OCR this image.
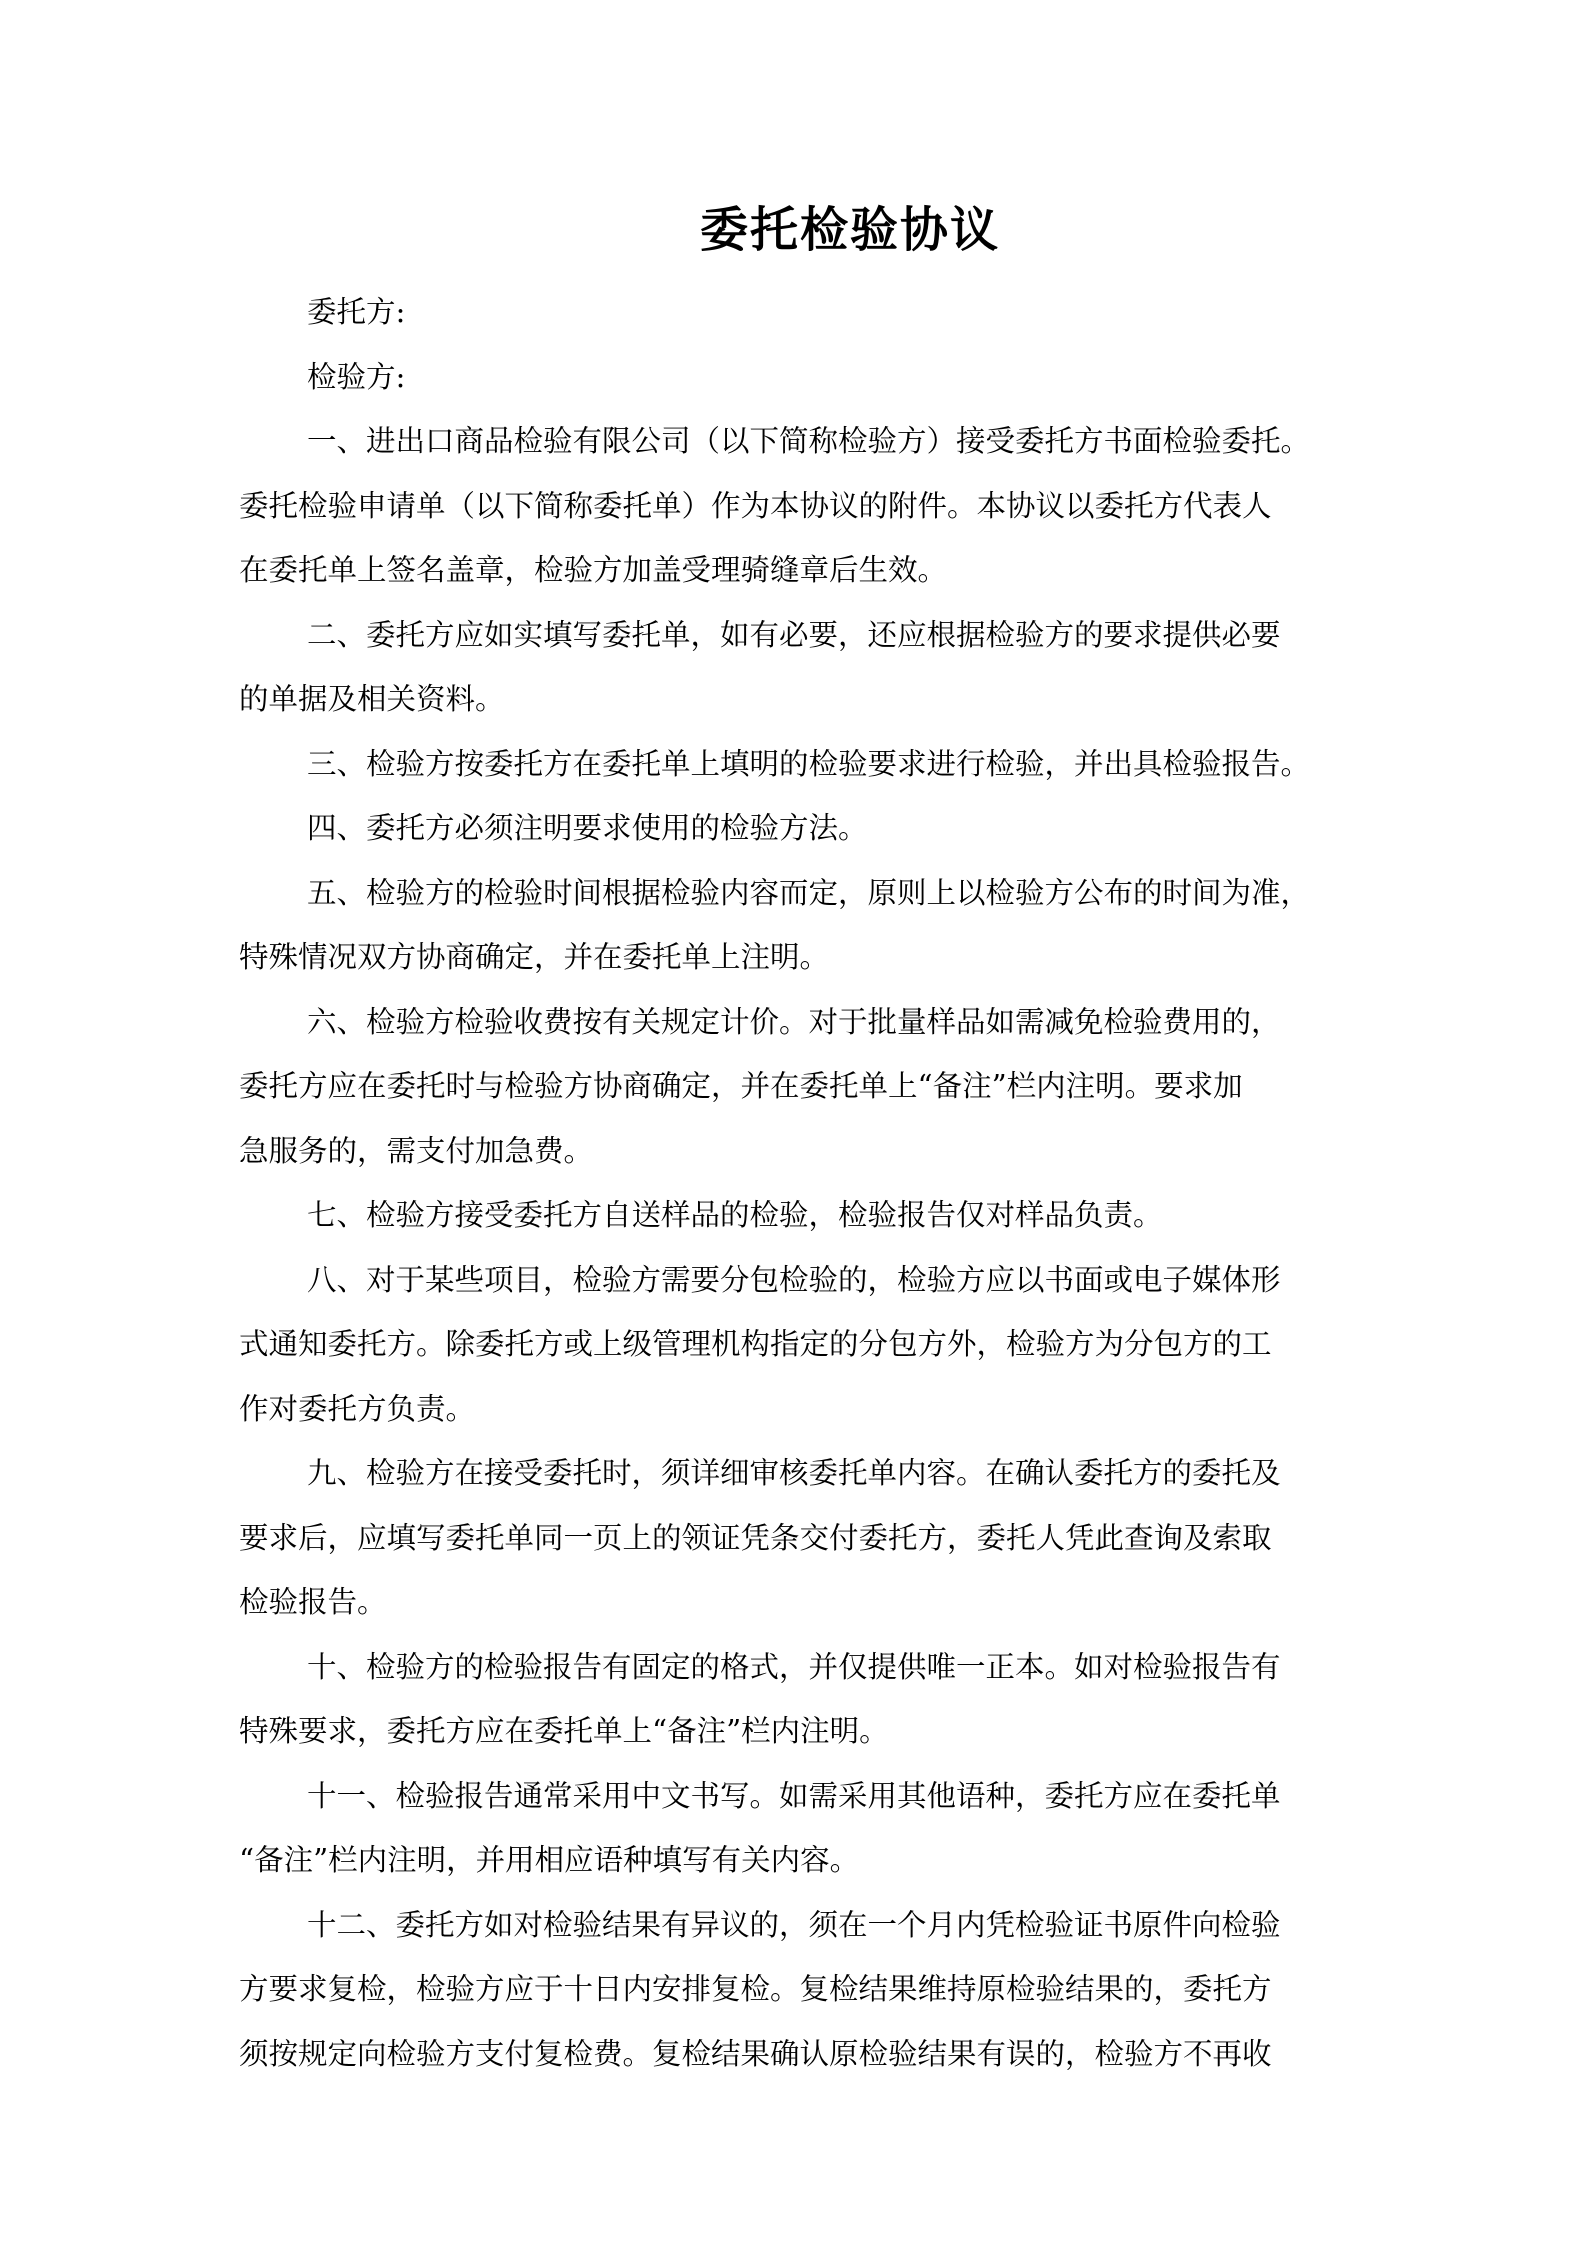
委托检验协议
委托方:
检验方:
一、进出口商品检验有限公司（以下简称检验方）接受委托方书面检验委托。
委托检验申请单（以下简称委托单）作为本协议的附件。本协议以委托方代表人
在委托单上签名盖章，检验方加盖受理骑缝章后生效。
二、委托方应如实填写委托单，如有必要，还应根据检验方的要求提供必要
的单据及相关资料。
三、检验方按委托方在委托单上填明的检验要求进行检验，并出具检验报告。
四、委托方必须注明要求使用的检验方法。
五、检验方的检验时间根据检验内容而定，原则上以检验方公布的时间为准，
特殊情况双方协商确定，并在委托单上注明。
六、检验方检验收费按有关规定计价。对于批量样品如需减免检验费用的，
委托方应在委托时与检验方协商确定，并在委托单上“备注”栏内注明。要求加
急服务的，需支付加急费。
七、检验方接受委托方自送样品的检验，检验报告仅对样品负责。
八、对于某些项目，检验方需要分包检验的，检验方应以书面或电子媒体形
式通知委托方。除委托方或上级管理机构指定的分包方外，检验方为分包方的工
作对委托方负责。
九、检验方在接受委托时，须详细审核委托单内容。在确认委托方的委托及
要求后，应填写委托单同一页上的领证凭条交付委托方，委托人凭此查询及索取
检验报告。
十、检验方的检验报告有固定的格式，并仅提供唯一正本。如对检验报告有
特殊要求，委托方应在委托单上“备注”栏内注明。
十一、检验报告通常采用中文书写。如需采用其他语种，委托方应在委托单
“备注”栏内注明，并用相应语种填写有关内容。
十二、委托方如对检验结果有异议的，须在一个月内凭检验证书原件向检验
方要求复检，检验方应于十日内安排复检。复检结果维持原检验结果的，委托方
须按规定向检验方支付复检费。复检结果确认原检验结果有误的，检验方不再收
